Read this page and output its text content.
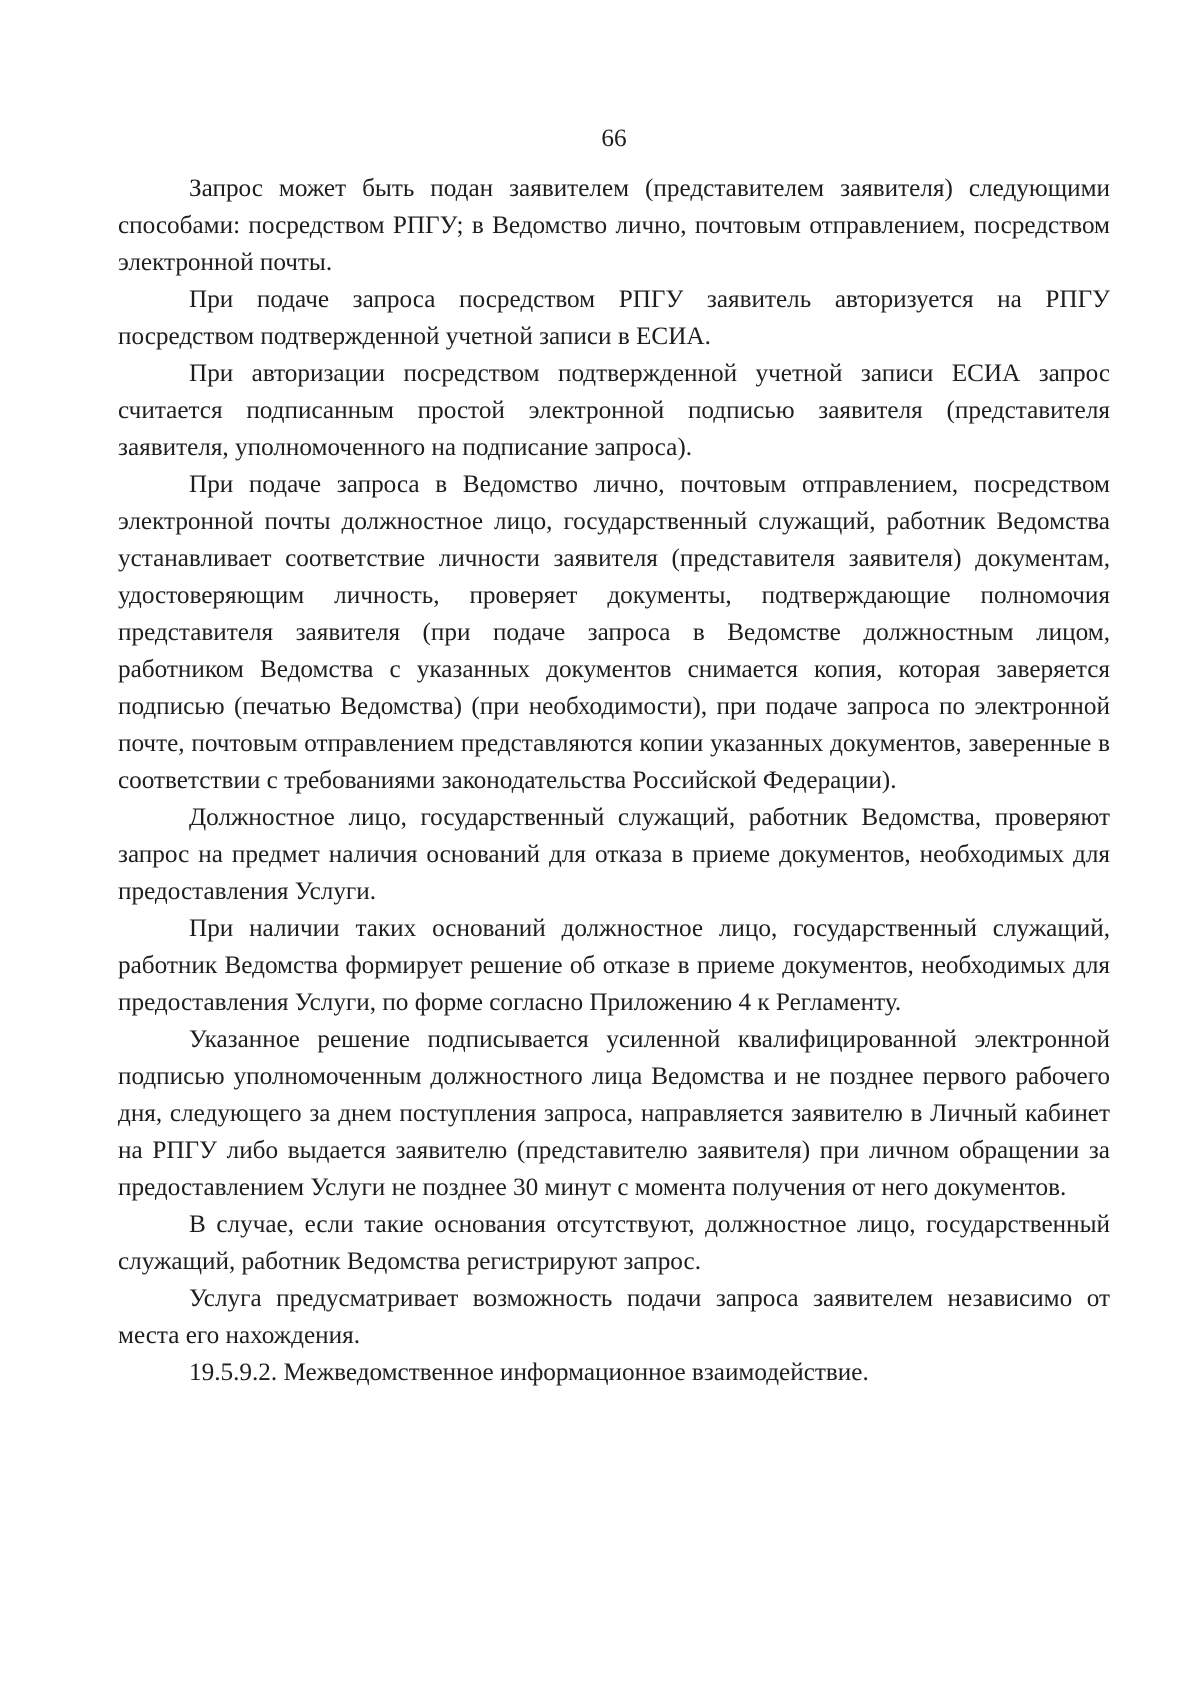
66

Запрос может быть подан заявителем (представителем заявителя) следующими способами: посредством РПГУ; в Ведомство лично, почтовым отправлением, посредством электронной почты.

При подаче запроса посредством РПГУ заявитель авторизуется на РПГУ посредством подтвержденной учетной записи в ЕСИА.

При авторизации посредством подтвержденной учетной записи ЕСИА запрос считается подписанным простой электронной подписью заявителя (представителя заявителя, уполномоченного на подписание запроса).

При подаче запроса в Ведомство лично, почтовым отправлением, посредством электронной почты должностное лицо, государственный служащий, работник Ведомства устанавливает соответствие личности заявителя (представителя заявителя) документам, удостоверяющим личность, проверяет документы, подтверждающие полномочия представителя заявителя (при подаче запроса в Ведомстве должностным лицом, работником Ведомства с указанных документов снимается копия, которая заверяется подписью (печатью Ведомства) (при необходимости), при подаче запроса по электронной почте, почтовым отправлением представляются копии указанных документов, заверенные в соответствии с требованиями законодательства Российской Федерации).

Должностное лицо, государственный служащий, работник Ведомства, проверяют запрос на предмет наличия оснований для отказа в приеме документов, необходимых для предоставления Услуги.

При наличии таких оснований должностное лицо, государственный служащий, работник Ведомства формирует решение об отказе в приеме документов, необходимых для предоставления Услуги, по форме согласно Приложению 4 к Регламенту.

Указанное решение подписывается усиленной квалифицированной электронной подписью уполномоченным должностного лица Ведомства и не позднее первого рабочего дня, следующего за днем поступления запроса, направляется заявителю в Личный кабинет на РПГУ либо выдается заявителю (представителю заявителя) при личном обращении за предоставлением Услуги не позднее 30 минут с момента получения от него документов.

В случае, если такие основания отсутствуют, должностное лицо, государственный служащий, работник Ведомства регистрируют запрос.

Услуга предусматривает возможность подачи запроса заявителем независимо от места его нахождения.

19.5.9.2. Межведомственное информационное взаимодействие.
